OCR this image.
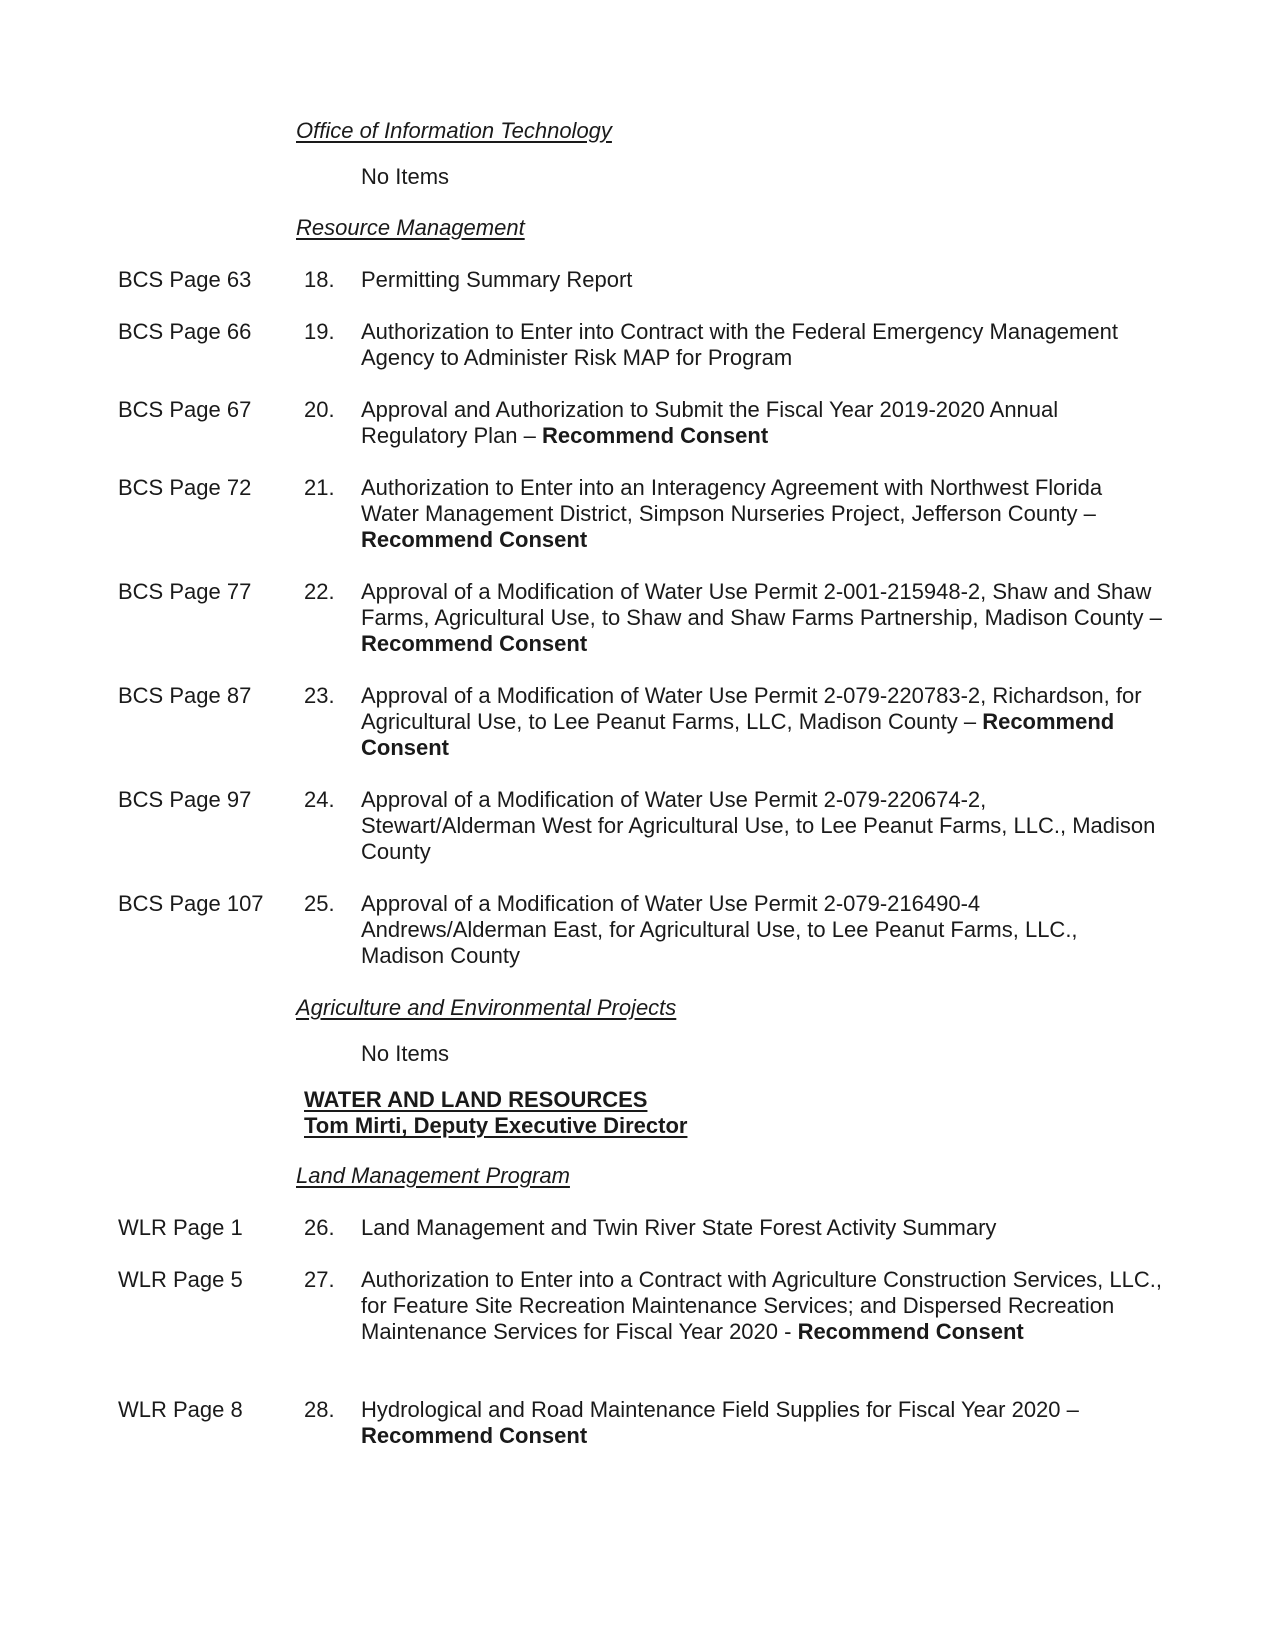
Office of Information Technology
No Items
Resource Management
BCS Page 63 18. Permitting Summary Report
BCS Page 66 19. Authorization to Enter into Contract with the Federal Emergency Management Agency to Administer Risk MAP for Program
BCS Page 67 20. Approval and Authorization to Submit the Fiscal Year 2019-2020 Annual Regulatory Plan – Recommend Consent
BCS Page 72 21. Authorization to Enter into an Interagency Agreement with Northwest Florida Water Management District, Simpson Nurseries Project, Jefferson County – Recommend Consent
BCS Page 77 22. Approval of a Modification of Water Use Permit 2-001-215948-2, Shaw and Shaw Farms, Agricultural Use, to Shaw and Shaw Farms Partnership, Madison County – Recommend Consent
BCS Page 87 23. Approval of a Modification of Water Use Permit 2-079-220783-2, Richardson, for Agricultural Use, to Lee Peanut Farms, LLC, Madison County – Recommend Consent
BCS Page 97 24. Approval of a Modification of Water Use Permit 2-079-220674-2, Stewart/Alderman West for Agricultural Use, to Lee Peanut Farms, LLC., Madison County
BCS Page 107 25. Approval of a Modification of Water Use Permit 2-079-216490-4 Andrews/Alderman East, for Agricultural Use, to Lee Peanut Farms, LLC., Madison County
Agriculture and Environmental Projects
No Items
WATER AND LAND RESOURCES
Tom Mirti, Deputy Executive Director
Land Management Program
WLR Page 1	26. Land Management and Twin River State Forest Activity Summary
WLR Page 5	27. Authorization to Enter into a Contract with Agriculture Construction Services, LLC., for Feature Site Recreation Maintenance Services; and Dispersed Recreation Maintenance Services for Fiscal Year 2020 - Recommend Consent
WLR Page 8	28. Hydrological and Road Maintenance Field Supplies for Fiscal Year 2020 – Recommend Consent
